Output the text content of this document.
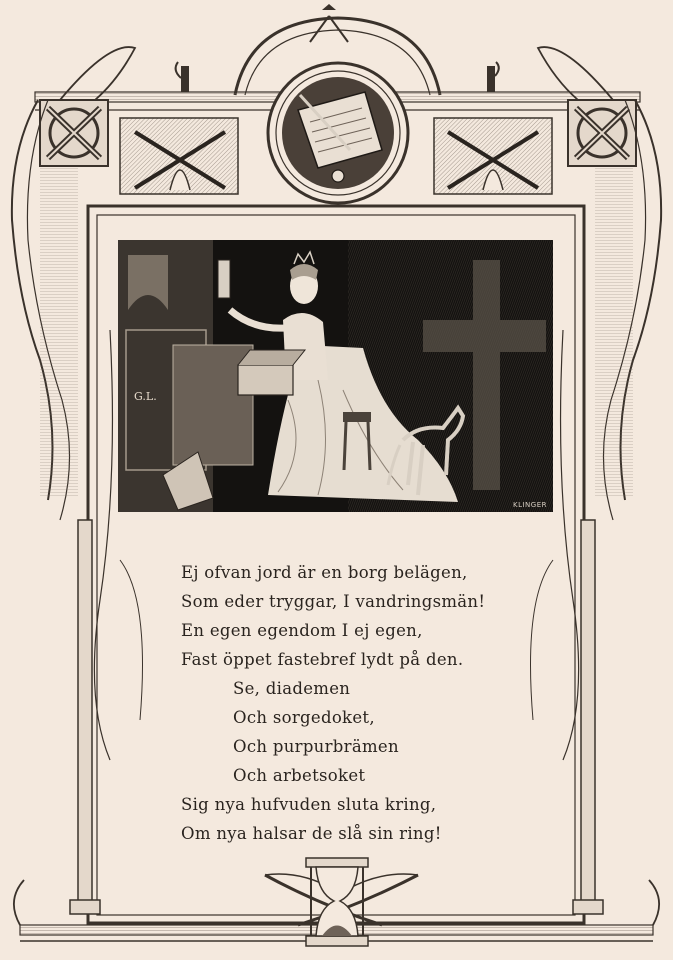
G.L.
KLINGER
Ej ofvan jord är en borg belägen,
Som eder tryggar, I vandringsmän!
En egen egendom I ej egen,
Fast öppet fastebref lydt på den.
Se, diademen
Och sorgedoket,
Och purpurbrämen
Och arbetsoket
Sig nya hufvuden sluta kring,
Om nya halsar de slå sin ring!
